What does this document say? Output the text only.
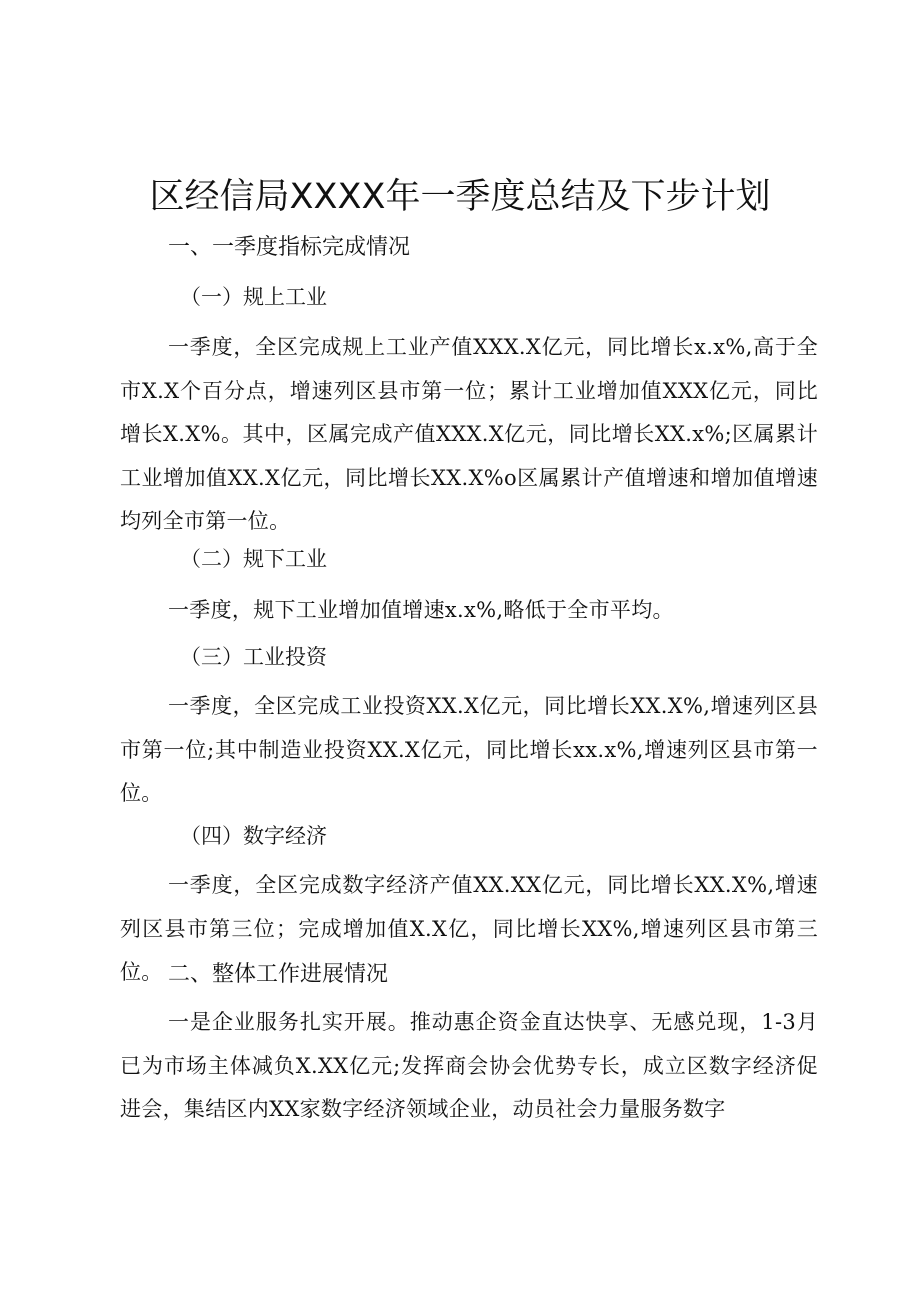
区经信局XXXX年一季度总结及下步计划
一、一季度指标完成情况
（一）规上工业

一季度，全区完成规上工业产值XXX.X亿元，同比增长x.x%,高于全市X.X个百分点，增速列区县市第一位；累计工业增加值XXX亿元，同比增长X.X%。其中，区属完成产值XXX.X亿元，同比增长XX.x%;区属累计工业增加值XX.X亿元，同比增长XX.X%o区属累计产值增速和增加值增速均列全市第一位。

（二）规下工业

一季度，规下工业增加值增速x.x%,略低于全市平均。

（三）工业投资

一季度，全区完成工业投资XX.X亿元，同比增长XX.X%,增速列区县市第一位;其中制造业投资XX.X亿元，同比增长xx.x%,增速列区县市第一位。

（四）数字经济

一季度，全区完成数字经济产值XX.XX亿元，同比增长XX.X%,增速列区县市第三位；完成增加值X.X亿，同比增长XX%,增速列区县市第三位。 二、整体工作进展情况

一是企业服务扎实开展。推动惠企资金直达快享、无感兑现，1-3月已为市场主体减负X.XX亿元;发挥商会协会优势专长，成立区数字经济促进会，集结区内XX家数字经济领域企业，动员社会力量服务数字
